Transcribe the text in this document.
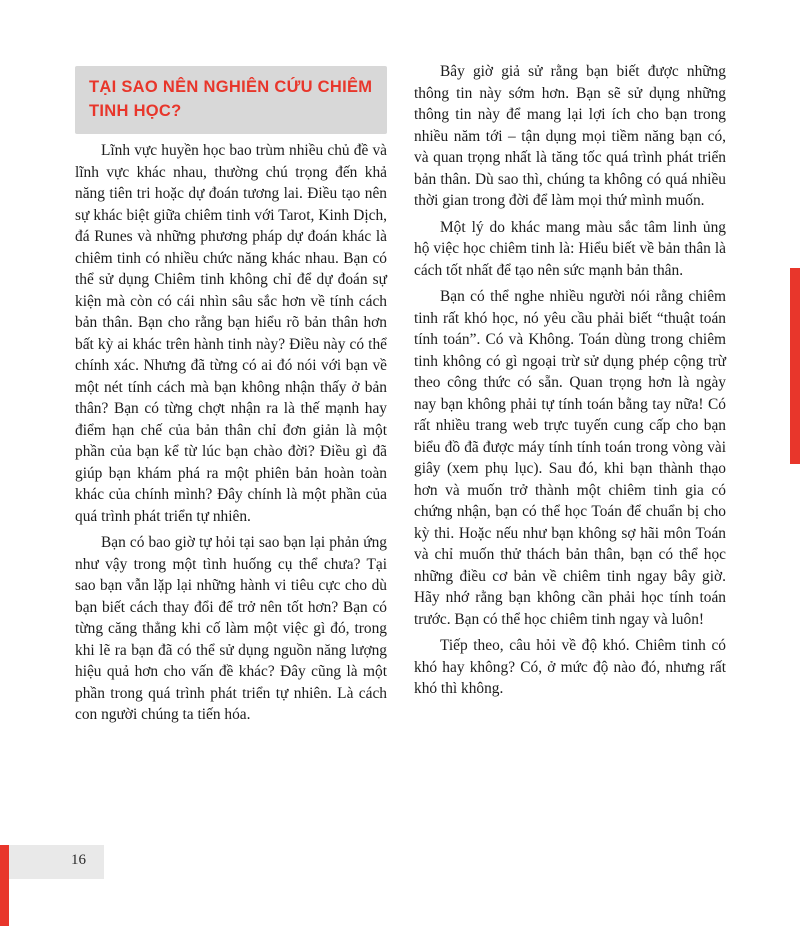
TẠI SAO NÊN NGHIÊN CỨU CHIÊM TINH HỌC?

Lĩnh vực huyền học bao trùm nhiều chủ đề và lĩnh vực khác nhau, thường chú trọng đến khả năng tiên tri hoặc dự đoán tương lai. Điều tạo nên sự khác biệt giữa chiêm tinh với Tarot, Kinh Dịch, đá Runes và những phương pháp dự đoán khác là chiêm tinh có nhiều chức năng khác nhau. Bạn có thể sử dụng Chiêm tinh không chỉ để dự đoán sự kiện mà còn có cái nhìn sâu sắc hơn về tính cách bản thân. Bạn cho rằng bạn hiểu rõ bản thân hơn bất kỳ ai khác trên hành tinh này? Điều này có thể chính xác. Nhưng đã từng có ai đó nói với bạn về một nét tính cách mà bạn không nhận thấy ở bản thân? Bạn có từng chợt nhận ra là thế mạnh hay điểm hạn chế của bản thân chỉ đơn giản là một phần của bạn kể từ lúc bạn chào đời? Điều gì đã giúp bạn khám phá ra một phiên bản hoàn toàn khác của chính mình? Đây chính là một phần của quá trình phát triển tự nhiên.

Bạn có bao giờ tự hỏi tại sao bạn lại phản ứng như vậy trong một tình huống cụ thể chưa? Tại sao bạn vẫn lặp lại những hành vi tiêu cực cho dù bạn biết cách thay đổi để trở nên tốt hơn? Bạn có từng căng thẳng khi cố làm một việc gì đó, trong khi lẽ ra bạn đã có thể sử dụng nguồn năng lượng hiệu quả hơn cho vấn đề khác? Đây cũng là một phần trong quá trình phát triển tự nhiên. Là cách con người chúng ta tiến hóa.

Bây giờ giả sử rằng bạn biết được những thông tin này sớm hơn. Bạn sẽ sử dụng những thông tin này để mang lại lợi ích cho bạn trong nhiều năm tới – tận dụng mọi tiềm năng bạn có, và quan trọng nhất là tăng tốc quá trình phát triển bản thân. Dù sao thì, chúng ta không có quá nhiều thời gian trong đời để làm mọi thứ mình muốn.

Một lý do khác mang màu sắc tâm linh ủng hộ việc học chiêm tinh là: Hiểu biết về bản thân là cách tốt nhất để tạo nên sức mạnh bản thân.

Bạn có thể nghe nhiều người nói rằng chiêm tinh rất khó học, nó yêu cầu phải biết “thuật toán tính toán”. Có và Không. Toán dùng trong chiêm tinh không có gì ngoại trừ sử dụng phép cộng trừ theo công thức có sẵn. Quan trọng hơn là ngày nay bạn không phải tự tính toán bằng tay nữa! Có rất nhiều trang web trực tuyến cung cấp cho bạn biểu đồ đã được máy tính tính toán trong vòng vài giây (xem phụ lục). Sau đó, khi bạn thành thạo hơn và muốn trở thành một chiêm tinh gia có chứng nhận, bạn có thể học Toán để chuẩn bị cho kỳ thi. Hoặc nếu như bạn không sợ hãi môn Toán và chỉ muốn thử thách bản thân, bạn có thể học những điều cơ bản về chiêm tinh ngay bây giờ. Hãy nhớ rằng bạn không cần phải học tính toán trước. Bạn có thể học chiêm tinh ngay và luôn!

Tiếp theo, câu hỏi về độ khó. Chiêm tinh có khó hay không? Có, ở mức độ nào đó, nhưng rất khó thì không.

16
